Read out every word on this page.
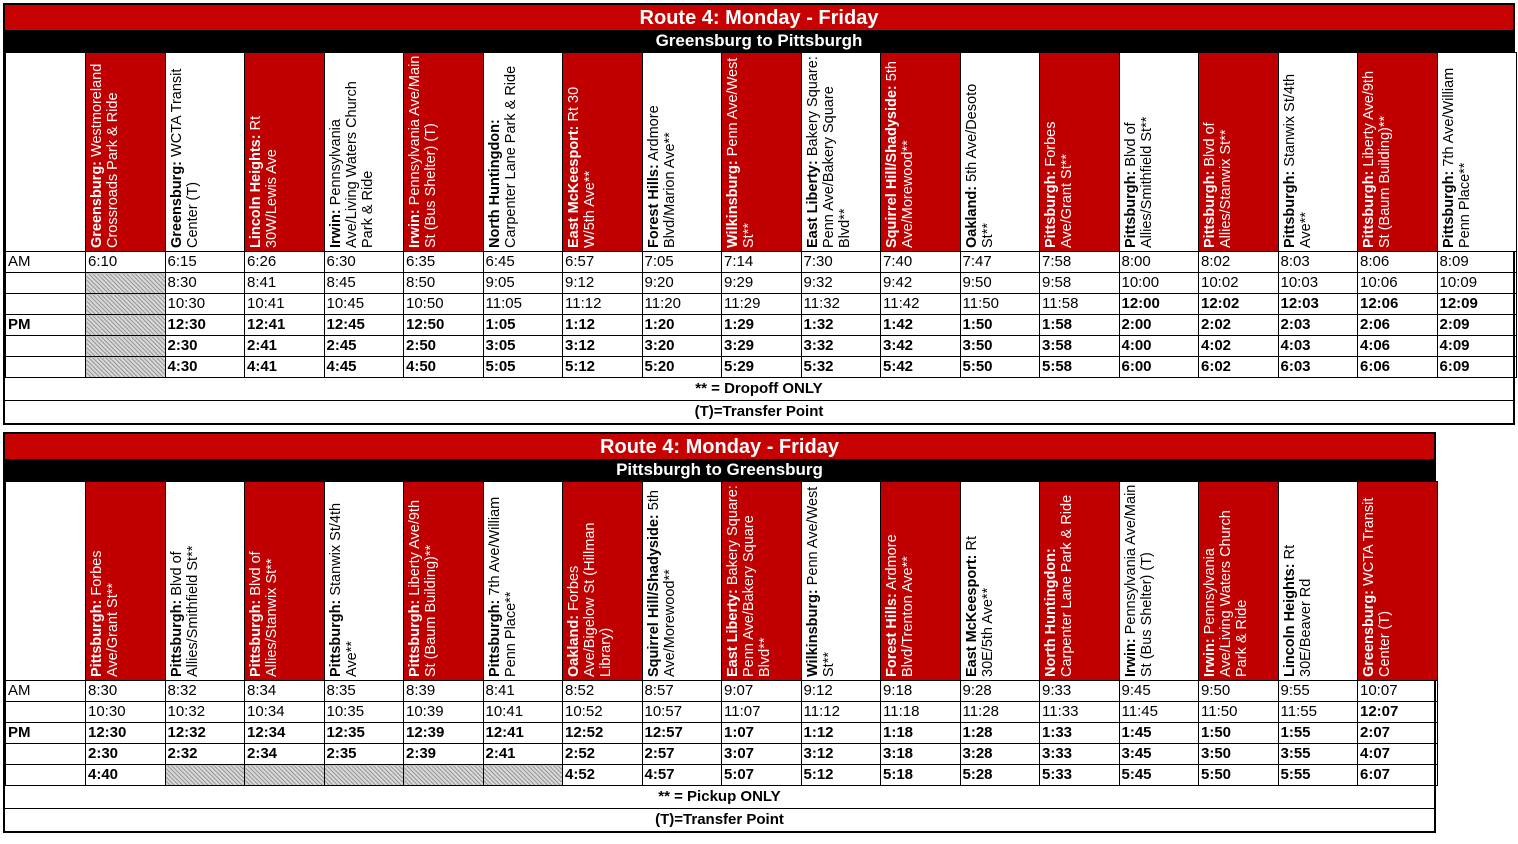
Route 4: Monday - Friday
Greensburg to Pittsburgh

	Greensburg: Westmoreland Crossroads Park & Ride	Greensburg: WCTA Transit Center (T)	Lincoln Heights: Rt 30W/Lewis Ave	Irwin: Pennsylvania Ave/Living Waters Church Park & Ride	Irwin: Pennsylvania Ave/Main St (Bus Shelter) (T)	North Huntingdon: Carpenter Lane Park & Ride	East McKeesport: Rt 30 W/5th Ave**	Forest Hills: Ardmore Blvd/Marion Ave**	Wilkinsburg: Penn Ave/West St**	East Liberty: Bakery Square: Penn Ave/Bakery Square Blvd**	Squirrel Hill/Shadyside: 5th Ave/Morewood**	Oakland: 5th Ave/Desoto St**	Pittsburgh: Forbes Ave/Grant St**	Pittsburgh: Blvd of Allies/Smithfield St**	Pittsburgh: Blvd of Allies/Stanwix St**	Pittsburgh: Stanwix St/4th Ave**	Pittsburgh: Liberty Ave/9th St (Baum Building)**	Pittsburgh: 7th Ave/William Penn Place**

AM	6:10	6:15	6:26	6:30	6:35	6:45	6:57	7:05	7:14	7:30	7:40	7:47	7:58	8:00	8:02	8:03	8:06	8:09
		8:30	8:41	8:45	8:50	9:05	9:12	9:20	9:29	9:32	9:42	9:50	9:58	10:00	10:02	10:03	10:06	10:09
		10:30	10:41	10:45	10:50	11:05	11:12	11:20	11:29	11:32	11:42	11:50	11:58	12:00	12:02	12:03	12:06	12:09
PM		12:30	12:41	12:45	12:50	1:05	1:12	1:20	1:29	1:32	1:42	1:50	1:58	2:00	2:02	2:03	2:06	2:09
		2:30	2:41	2:45	2:50	3:05	3:12	3:20	3:29	3:32	3:42	3:50	3:58	4:00	4:02	4:03	4:06	4:09
		4:30	4:41	4:45	4:50	5:05	5:12	5:20	5:29	5:32	5:42	5:50	5:58	6:00	6:02	6:03	6:06	6:09
** = Dropoff ONLY
(T)=Transfer Point
Route 4: Monday - Friday
Pittsburgh to Greensburg

	Pittsburgh: Forbes Ave/Grant St**	Pittsburgh: Blvd of Allies/Smithfield St**	Pittsburgh: Blvd of Allies/Stanwix St**	Pittsburgh: Stanwix St/4th Ave**	Pittsburgh: Liberty Ave/9th St (Baum Building)**	Pittsburgh: 7th Ave/William Penn Place**	Oakland: Forbes Ave/Bigelow St (Hillman Library)	Squirrel Hill/Shadyside: 5th Ave/Morewood**	East Liberty: Bakery Square: Penn Ave/Bakery Square Blvd**	Wilkinsburg: Penn Ave/West St**	Forest Hills: Ardmore Blvd/Trenton Ave**	East McKeesport: Rt 30E/5th Ave**	North Huntingdon: Carpenter Lane Park & Ride	Irwin: Pennsylvania Ave/Main St (Bus Shelter) (T)	Irwin: Pennsylvania Ave/Living Waters Church Park & Ride	Lincoln Heights: Rt 30E/Beaver Rd	Greensburg: WCTA Transit Center (T)

AM	8:30	8:32	8:34	8:35	8:39	8:41	8:52	8:57	9:07	9:12	9:18	9:28	9:33	9:45	9:50	9:55	10:07
	10:30	10:32	10:34	10:35	10:39	10:41	10:52	10:57	11:07	11:12	11:18	11:28	11:33	11:45	11:50	11:55	12:07
PM	12:30	12:32	12:34	12:35	12:39	12:41	12:52	12:57	1:07	1:12	1:18	1:28	1:33	1:45	1:50	1:55	2:07
	2:30	2:32	2:34	2:35	2:39	2:41	2:52	2:57	3:07	3:12	3:18	3:28	3:33	3:45	3:50	3:55	4:07
	4:40						4:52	4:57	5:07	5:12	5:18	5:28	5:33	5:45	5:50	5:55	6:07
** = Pickup ONLY
(T)=Transfer Point
